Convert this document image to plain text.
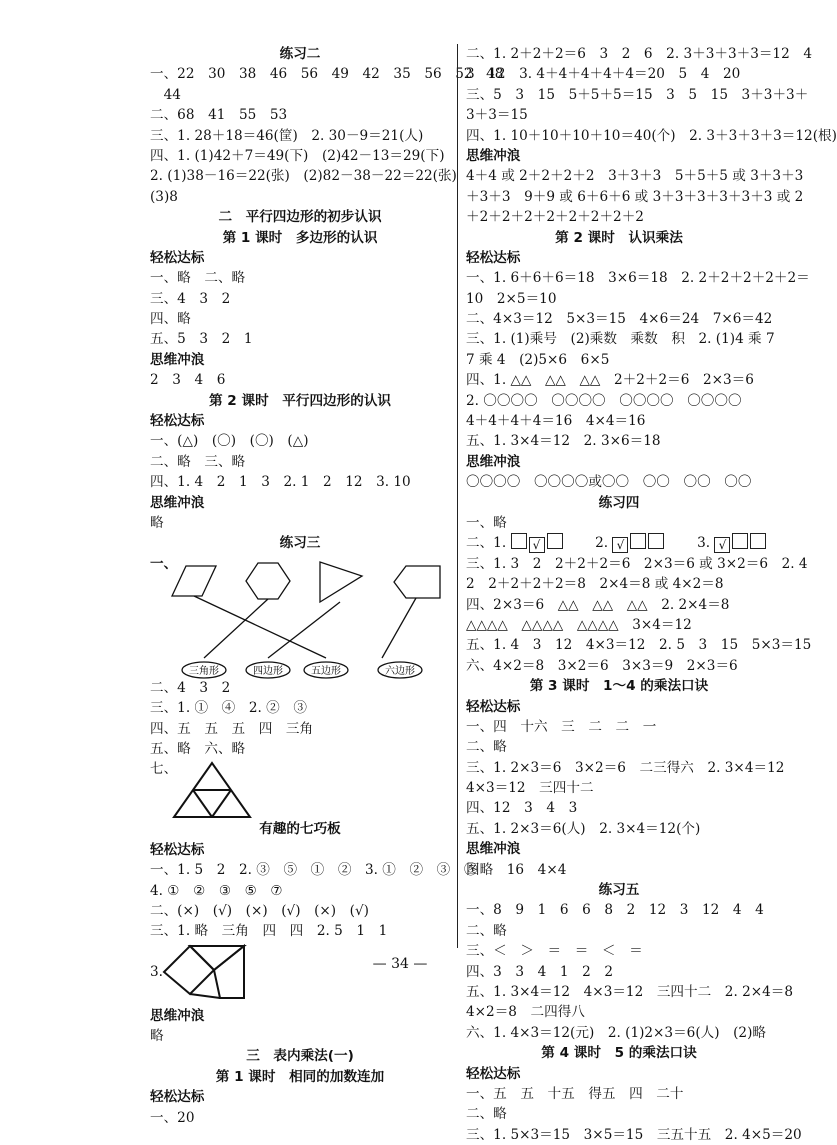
练习二
一、22　30　38　46　56　49　42　35　56　52　48
　44
二、68　41　55　53
三、1. 28＋18＝46(筐)　2. 30－9＝21(人)
四、1. (1)42＋7＝49(下)　(2)42－13＝29(下)
2. (1)38－16＝22(张)　(2)82－38－22＝22(张)
(3)8
二　平行四边形的初步认识
第 1 课时　多边形的认识
轻松达标
一、略　二、略
三、4　3　2
四、略
五、5　3　2　1
思维冲浪
2　3　4　6
第 2 课时　平行四边形的认识
轻松达标
一、(△)　(〇)　(〇)　(△)
二、略　三、略
四、1. 4　2　1　3　2. 1　2　12　3. 10
思维冲浪
略
练习三
一、
三角形	四边形	五边形	六边形
二、4　3　2
三、1. ①　④　2. ②　③
四、五　五　五　四　三角
五、略　六、略
七、
有趣的七巧板
轻松达标
一、1. 5　2　2. ③　⑤　①　②　3. ①　②　③　⑤
4. ①　②　③　⑤　⑦
二、(×)　(√)　(×)　(√)　(×)　(√)
三、1. 略　三角　四　四　2. 5　1　1
3.
思维冲浪
略
三　表内乘法(一)
第 1 课时　相同的加数连加
轻松达标
一、20
二、1. 2＋2＋2＝6　3　2　6　2. 3＋3＋3＋3＝12　4
3　12　3. 4＋4＋4＋4＋4＝20　5　4　20
三、5　3　15　5＋5＋5＝15　3　5　15　3＋3＋3＋
3＋3＝15
四、1. 10＋10＋10＋10＝40(个)　2. 3＋3＋3＋3＝12(根)
思维冲浪
4＋4 或 2＋2＋2＋2　3＋3＋3　5＋5＋5 或 3＋3＋3
＋3＋3　9＋9 或 6＋6＋6 或 3＋3＋3＋3＋3＋3 或 2
＋2＋2＋2＋2＋2＋2＋2＋2
第 2 课时　认识乘法
轻松达标
一、1. 6＋6＋6＝18　3×6＝18　2. 2＋2＋2＋2＋2＝
10　2×5＝10
二、4×3＝12　5×3＝15　4×6＝24　7×6＝42
三、1. (1)乘号　(2)乘数　乘数　积　2. (1)4 乘 7
7 乘 4　(2)5×6　6×5
四、1. △△　△△　△△　2＋2＋2＝6　2×3＝6
2. 〇〇〇〇　〇〇〇〇　〇〇〇〇　〇〇〇〇
4＋4＋4＋4＝16　4×4＝16
五、1. 3×4＝12　2. 3×6＝18
思维冲浪
〇〇〇〇　〇〇〇〇或〇〇　〇〇　〇〇　〇〇
练习四
一、略
二、1. √	2. √	3. √
三、1. 3　2　2＋2＋2＝6　2×3＝6 或 3×2＝6　2. 4
2　2＋2＋2＋2＝8　2×4＝8 或 4×2＝8
四、2×3＝6　△△　△△　△△　2. 2×4＝8
△△△△　△△△△　△△△△　3×4＝12
五、1. 4　3　12　4×3＝12　2. 5　3　15　5×3＝15
六、4×2＝8　3×2＝6　3×3＝9　2×3＝6
第 3 课时　1～4 的乘法口诀
轻松达标
一、四　十六　三　二　二　一
二、略
三、1. 2×3＝6　3×2＝6　二三得六　2. 3×4＝12
4×3＝12　三四十二
四、12　3　4　3
五、1. 2×3＝6(人)　2. 3×4＝12(个)
思维冲浪
图略　16　4×4
练习五
一、8　9　1　6　6　8　2　12　3　12　4　4
二、略
三、＜　＞　＝　＝　＜　＝
四、3　3　4　1　2　2
五、1. 3×4＝12　4×3＝12　三四十二　2. 2×4＝8
4×2＝8　二四得八
六、1. 4×3＝12(元)　2. (1)2×3＝6(人)　(2)略
第 4 课时　5 的乘法口诀
轻松达标
一、五　五　十五　得五　四　二十
二、略
三、1. 5×3＝15　3×5＝15　三五十五　2. 4×5＝20
— 34 —
